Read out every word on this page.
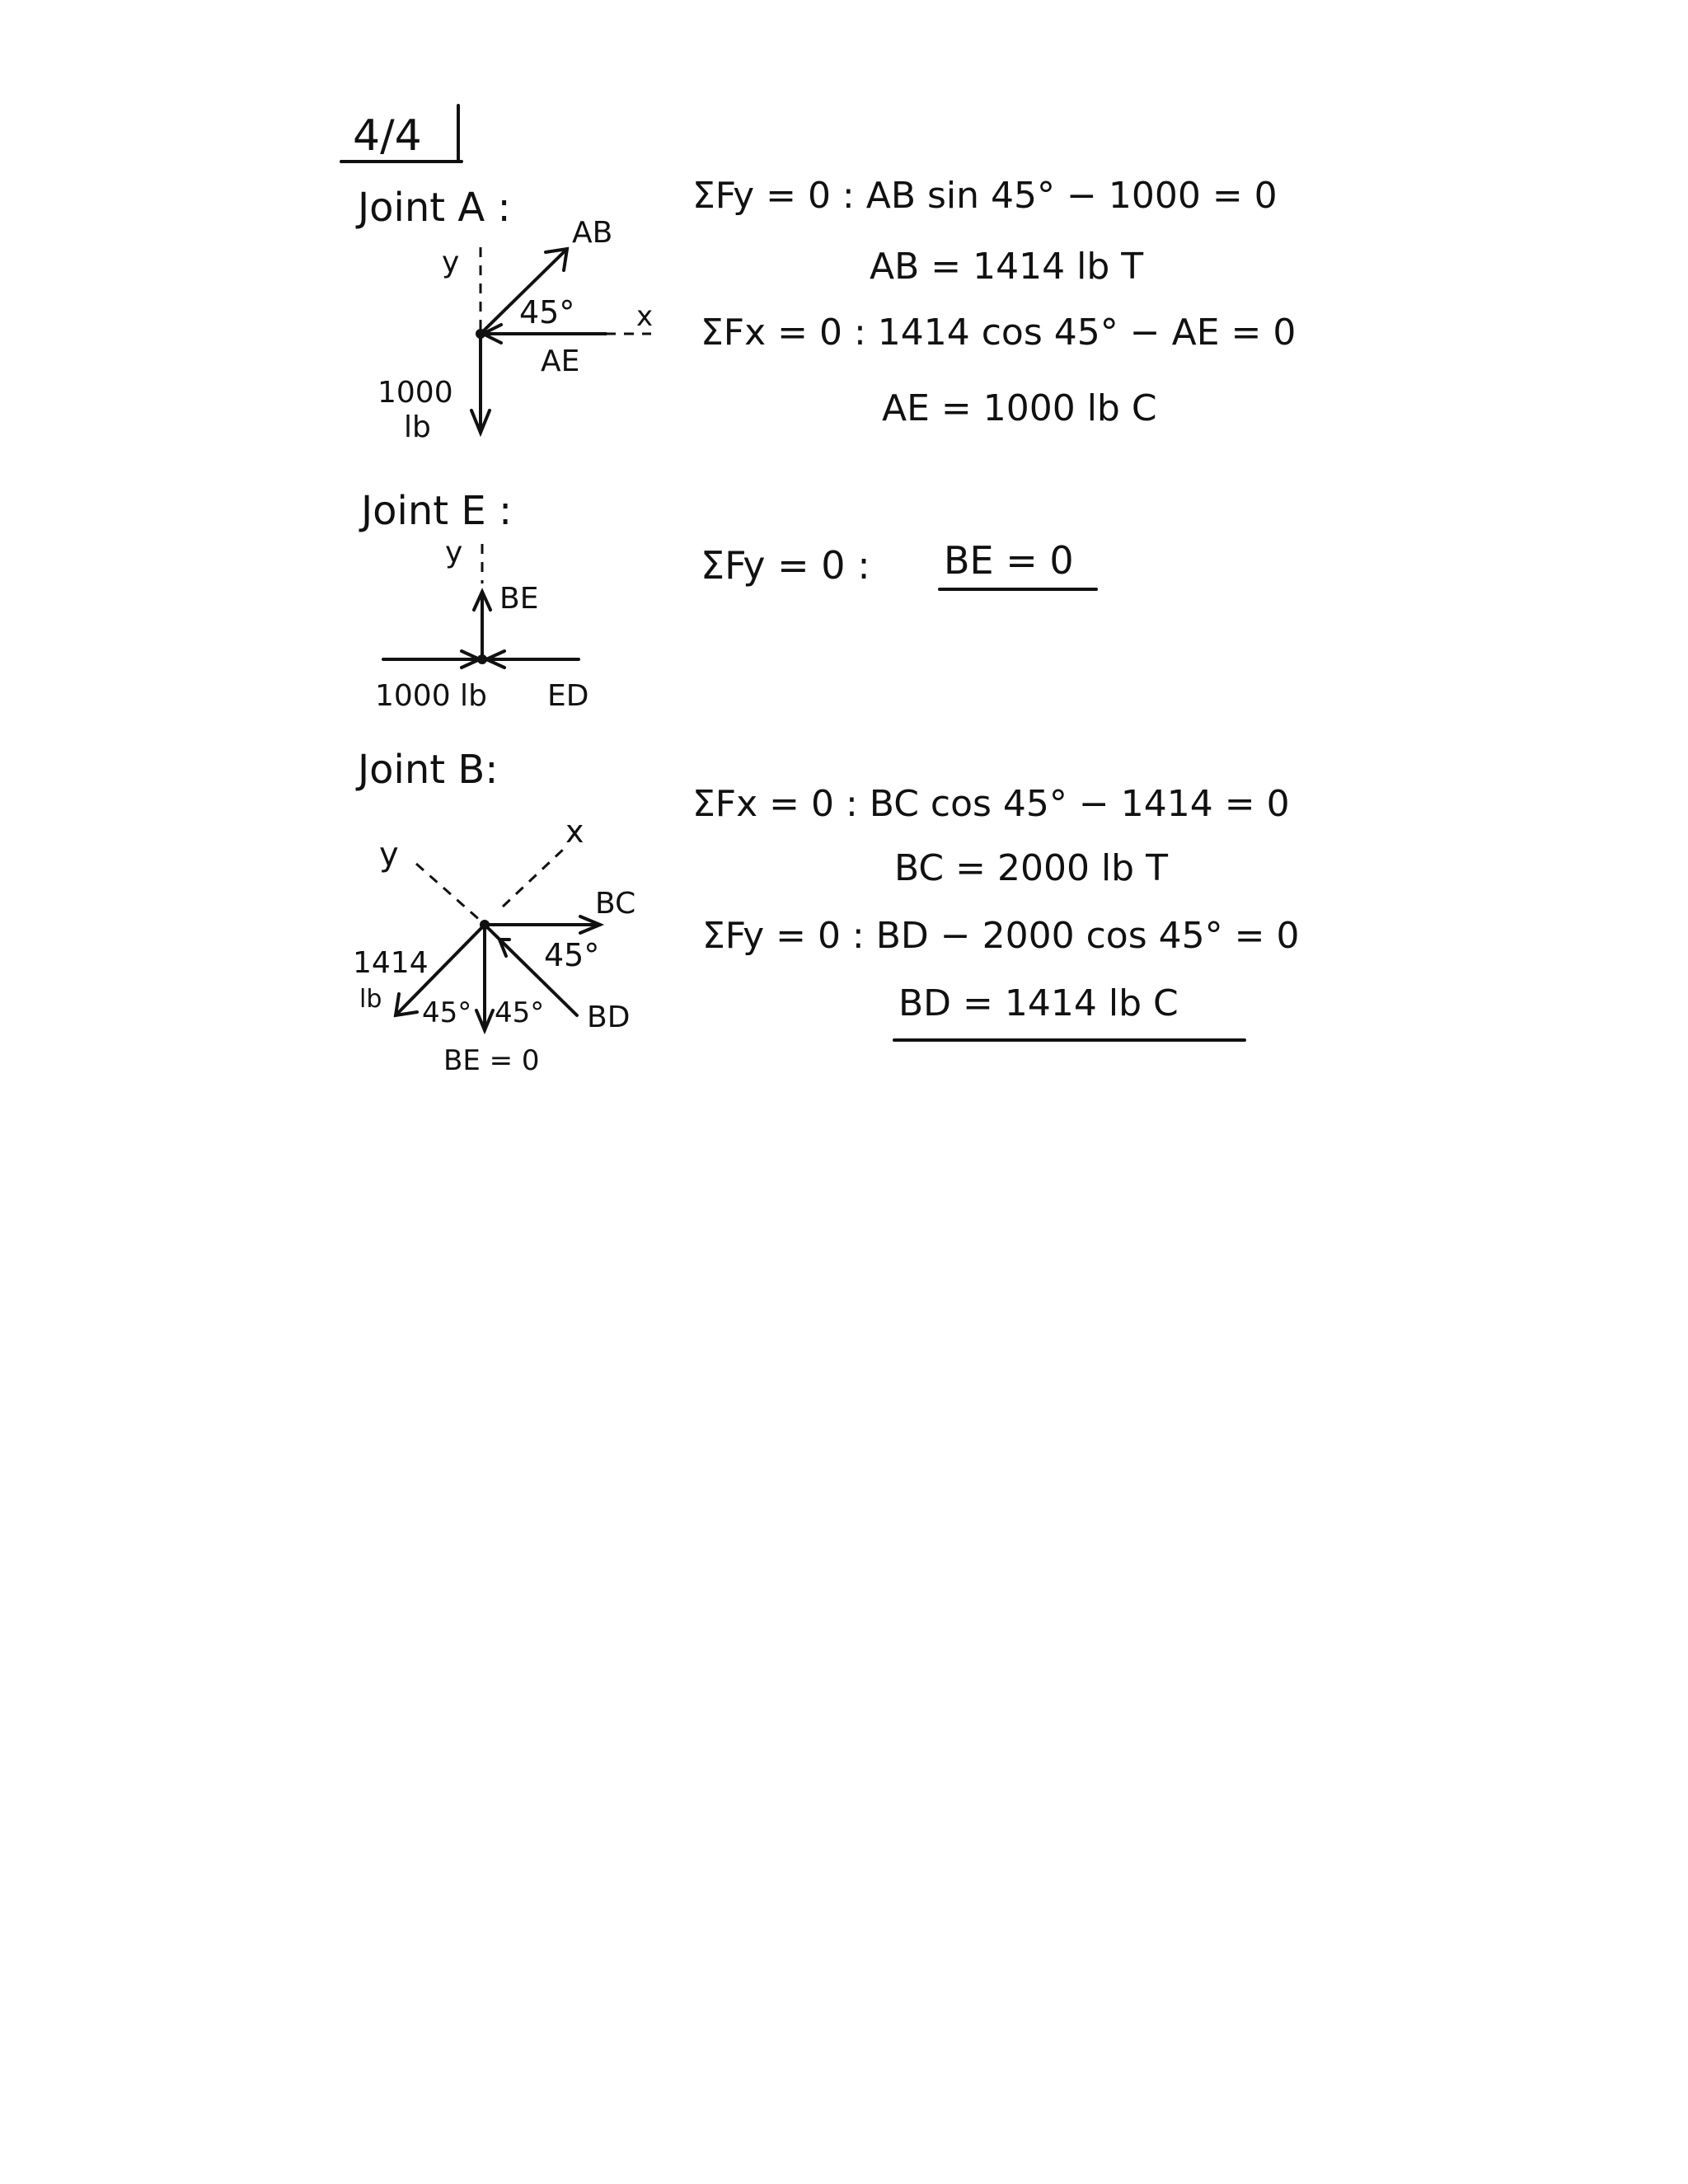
4/4
Joint A :
y
x
AB
45°
AE
1000
lb
ΣFy = 0 : AB sin 45° − 1000 = 0
AB = 1414 lb T
ΣFx = 0 : 1414 cos 45° − AE = 0
AE = 1000 lb C
Joint E :
y
BE
1000 lb ED
ΣFy = 0 : BE = 0
Joint B:
y
x
BC
45°
BD
1414
lb 45° 45°
BE = 0
ΣFx = 0 : BC cos 45° − 1414 = 0
BC = 2000 lb T
ΣFy = 0 : BD − 2000 cos 45° = 0
BD = 1414 lb C
